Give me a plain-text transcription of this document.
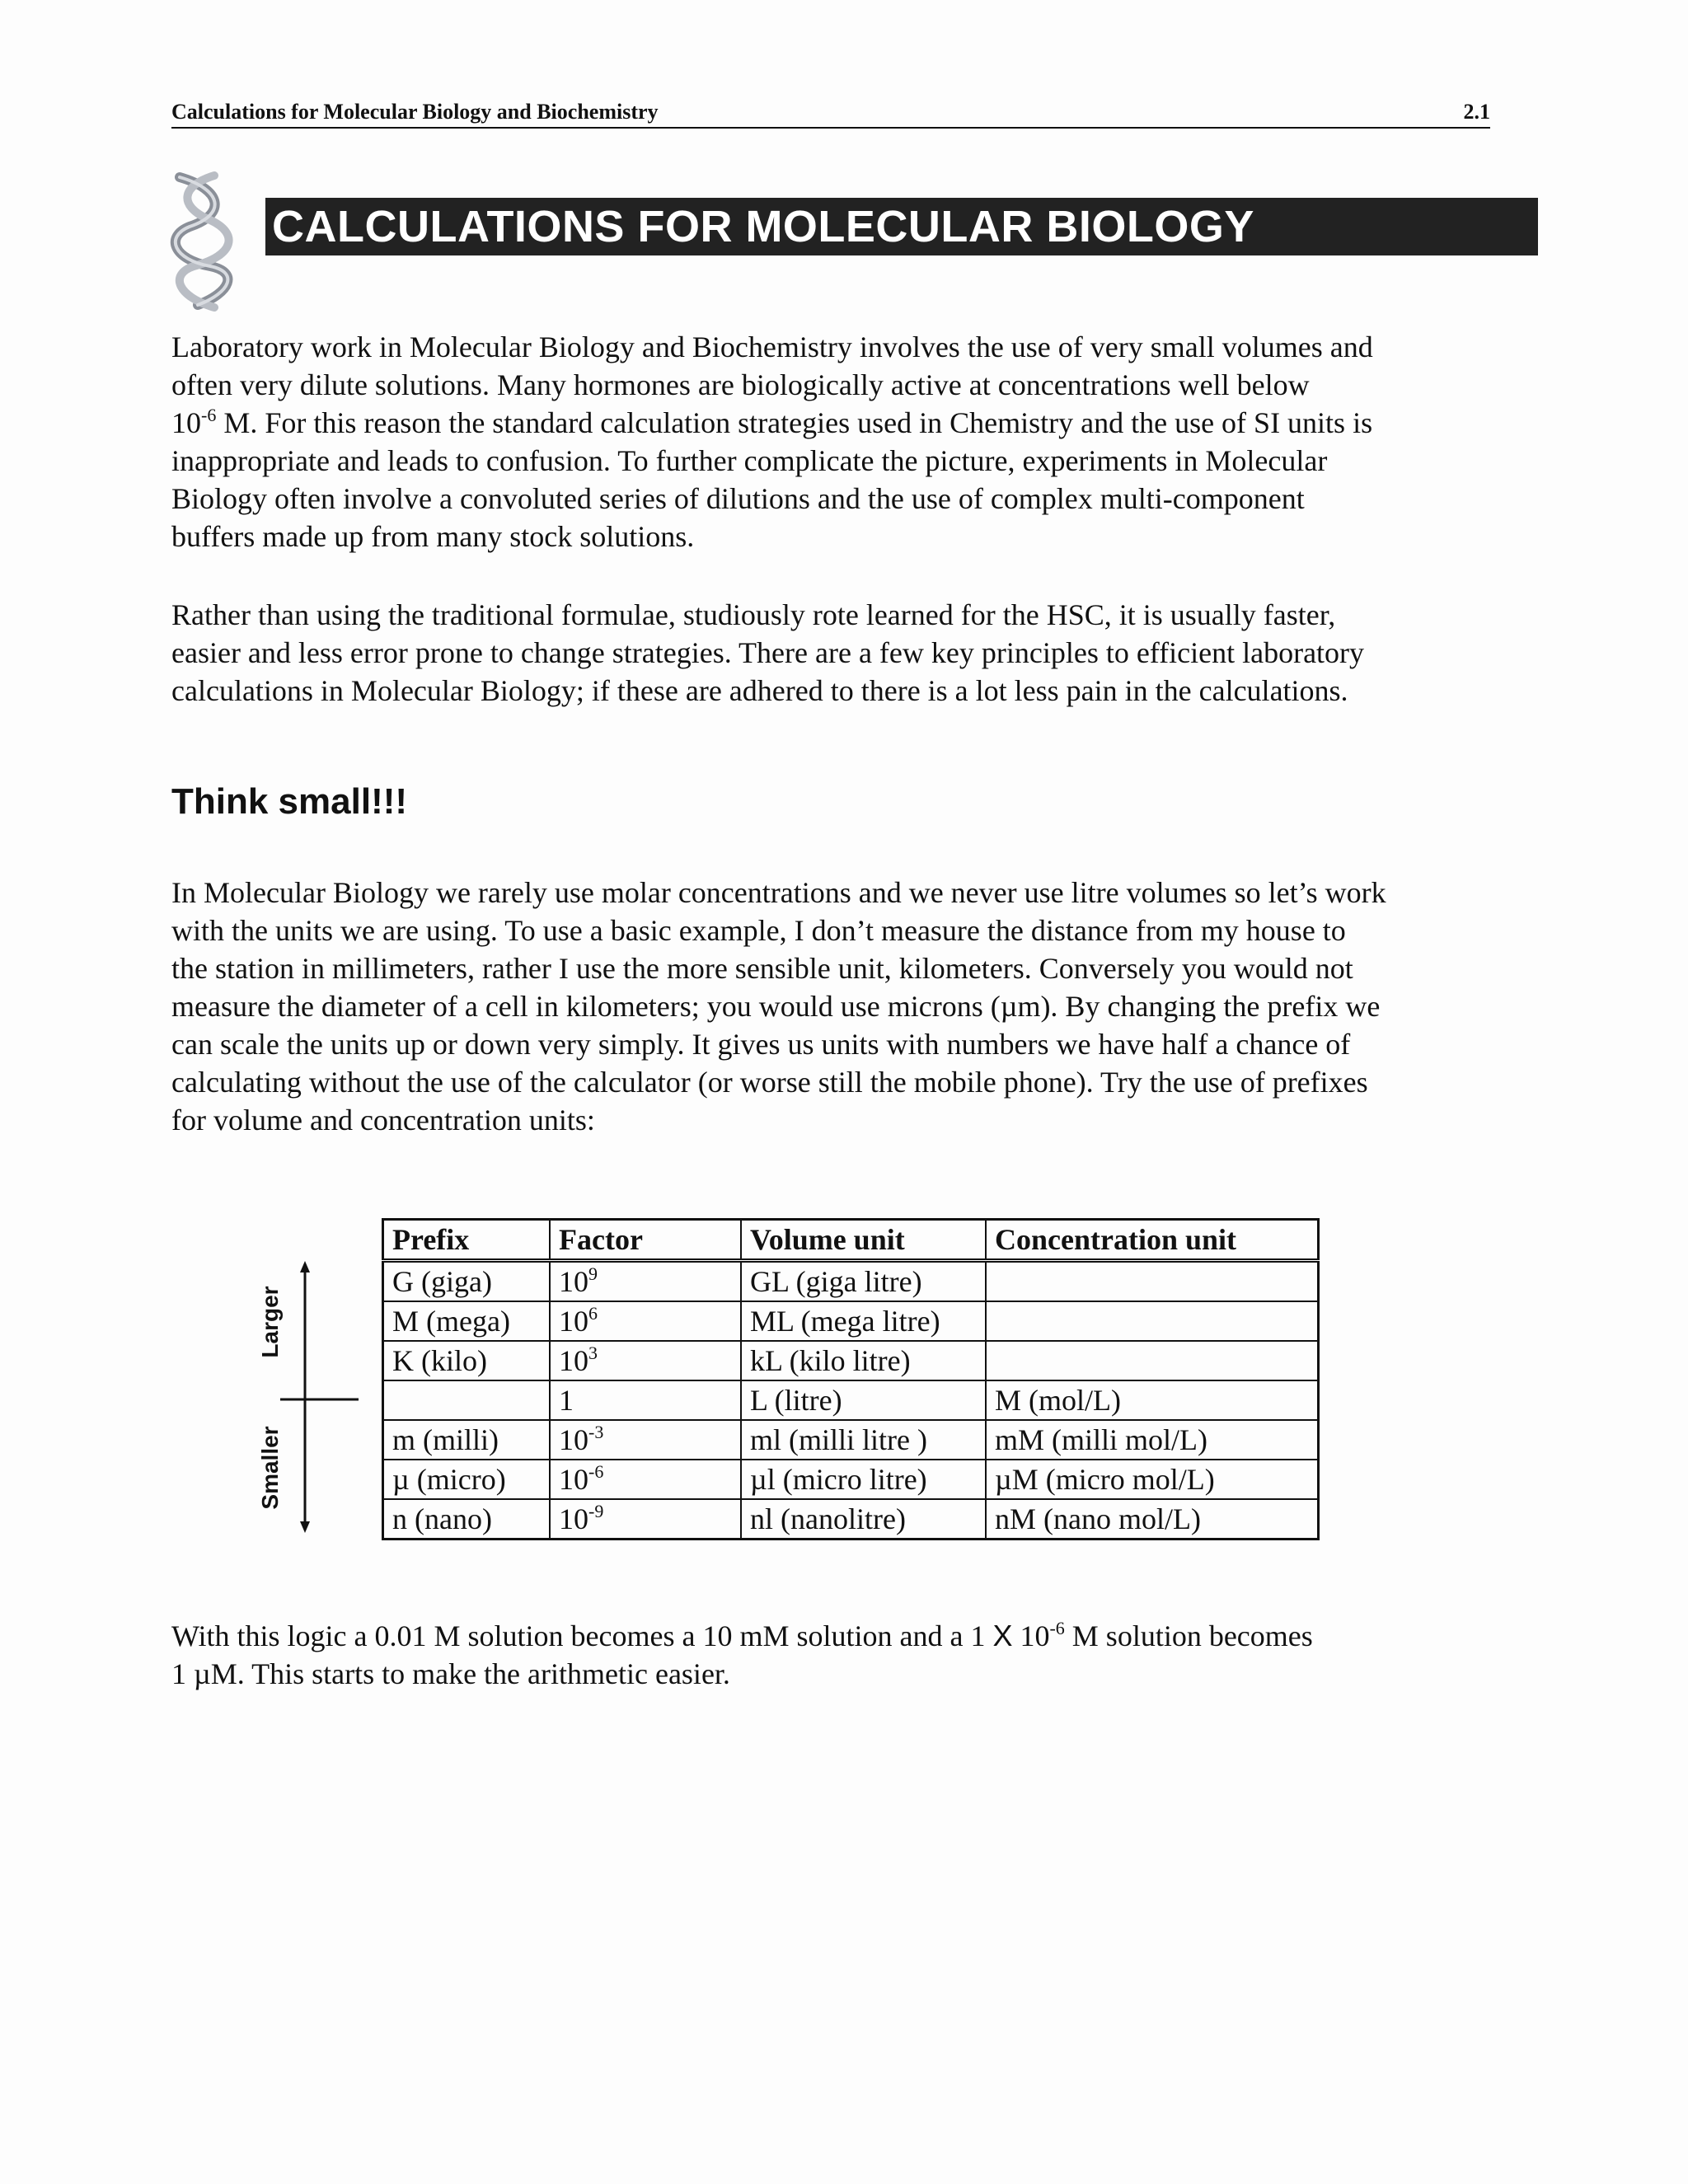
Calculations for Molecular Biology and Biochemistry	2.1
CALCULATIONS FOR MOLECULAR BIOLOGY
Laboratory work in Molecular Biology and Biochemistry involves the use of very small volumes and
often very dilute solutions. Many hormones are biologically active at concentrations well below
$10^{-6}$ M. For this reason the standard calculation strategies used in Chemistry and the use of SI units is
inappropriate and leads to confusion. To further complicate the picture, experiments in Molecular
Biology often involve a convoluted series of dilutions and the use of complex multi-component
buffers made up from many stock solutions.
Rather than using the traditional formulae, studiously rote learned for the HSC, it is usually faster,
easier and less error prone to change strategies. There are a few key principles to efficient laboratory
calculations in Molecular Biology; if these are adhered to there is a lot less pain in the calculations.
Think small!!!
In Molecular Biology we rarely use molar concentrations and we never use litre volumes so let’s work
with the units we are using. To use a basic example, I don’t measure the distance from my house to
the station in millimeters, rather I use the more sensible unit, kilometers. Conversely you would not
measure the diameter of a cell in kilometers; you would use microns (µm). By changing the prefix we
can scale the units up or down very simply. It gives us units with numbers we have half a chance of
calculating without the use of the calculator (or worse still the mobile phone). Try the use of prefixes
for volume and concentration units:
Larger
Smaller
Prefix	Factor	Volume unit	Concentration unit
G (giga)	$10^9$	GL (giga litre)	
M (mega)	$10^6$	ML (mega litre)	
K (kilo)	$10^3$	kL (kilo litre)	
	1	L (litre)	M (mol/L)
m (milli)	$10^{-3}$	ml (milli litre )	mM (milli mol/L)
µ (micro)	$10^{-6}$	µl (micro litre)	µM (micro mol/L)
n (nano)	$10^{-9}$	nl (nanolitre)	nM (nano mol/L)
With this logic a 0.01 M solution becomes a 10 mM solution and a 1 X $10^{-6}$ M solution becomes
1 µM. This starts to make the arithmetic easier.
